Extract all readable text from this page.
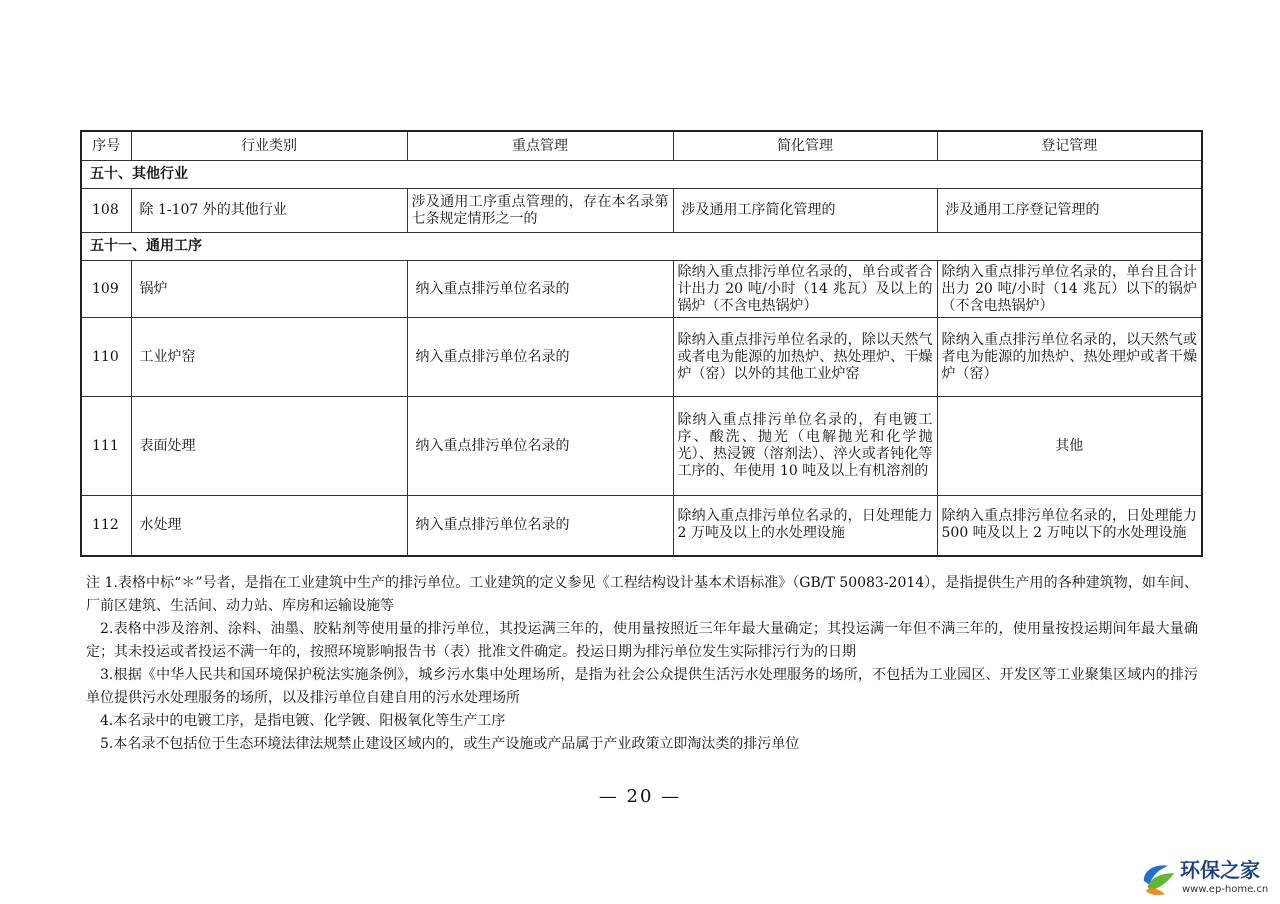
序号	行业类别	重点管理	简化管理	登记管理
五十、其他行业				
108	除 1-107 外的其他行业	涉及通用工序重点管理的，存在本名录第七条规定情形之一的	涉及通用工序简化管理的	涉及通用工序登记管理的
五十一、通用工序				
109	锅炉	纳入重点排污单位名录的	除纳入重点排污单位名录的，单台或者合计出力 20 吨/小时（14 兆瓦）及以上的锅炉（不含电热锅炉）	除纳入重点排污单位名录的，单台且合计出力 20 吨/小时（14 兆瓦）以下的锅炉（不含电热锅炉）
110	工业炉窑	纳入重点排污单位名录的	除纳入重点排污单位名录的，除以天然气或者电为能源的加热炉、热处理炉、干燥炉（窑）以外的其他工业炉窑	除纳入重点排污单位名录的，以天然气或者电为能源的加热炉、热处理炉或者干燥炉（窑）
111	表面处理	纳入重点排污单位名录的	除纳入重点排污单位名录的，有电镀工序、酸洗、抛光（电解抛光和化学抛光）、热浸镀（溶剂法）、淬火或者钝化等工序的、年使用 10 吨及以上有机溶剂的	其他
112	水处理	纳入重点排污单位名录的	除纳入重点排污单位名录的，日处理能力 2 万吨及以上的水处理设施	除纳入重点排污单位名录的，日处理能力 500 吨及以上 2 万吨以下的水处理设施

注 1.表格中标“＊”号者，是指在工业建筑中生产的排污单位。工业建筑的定义参见《工程结构设计基本术语标准》（GB/T 50083-2014），是指提供生产用的各种建筑物，如车间、厂前区建筑、生活间、动力站、库房和运输设施等

2.表格中涉及溶剂、涂料、油墨、胶粘剂等使用量的排污单位，其投运满三年的，使用量按照近三年年最大量确定；其投运满一年但不满三年的，使用量按投运期间年最大量确定；其未投运或者投运不满一年的，按照环境影响报告书（表）批准文件确定。投运日期为排污单位发生实际排污行为的日期

3.根据《中华人民共和国环境保护税法实施条例》，城乡污水集中处理场所，是指为社会公众提供生活污水处理服务的场所，不包括为工业园区、开发区等工业聚集区域内的排污单位提供污水处理服务的场所，以及排污单位自建自用的污水处理场所

4.本名录中的电镀工序，是指电镀、化学镀、阳极氧化等生产工序

5.本名录不包括位于生态环境法律法规禁止建设区域内的，或生产设施或产品属于产业政策立即淘汰类的排污单位

— 20 —
环保之家
www.ep-home.cn
